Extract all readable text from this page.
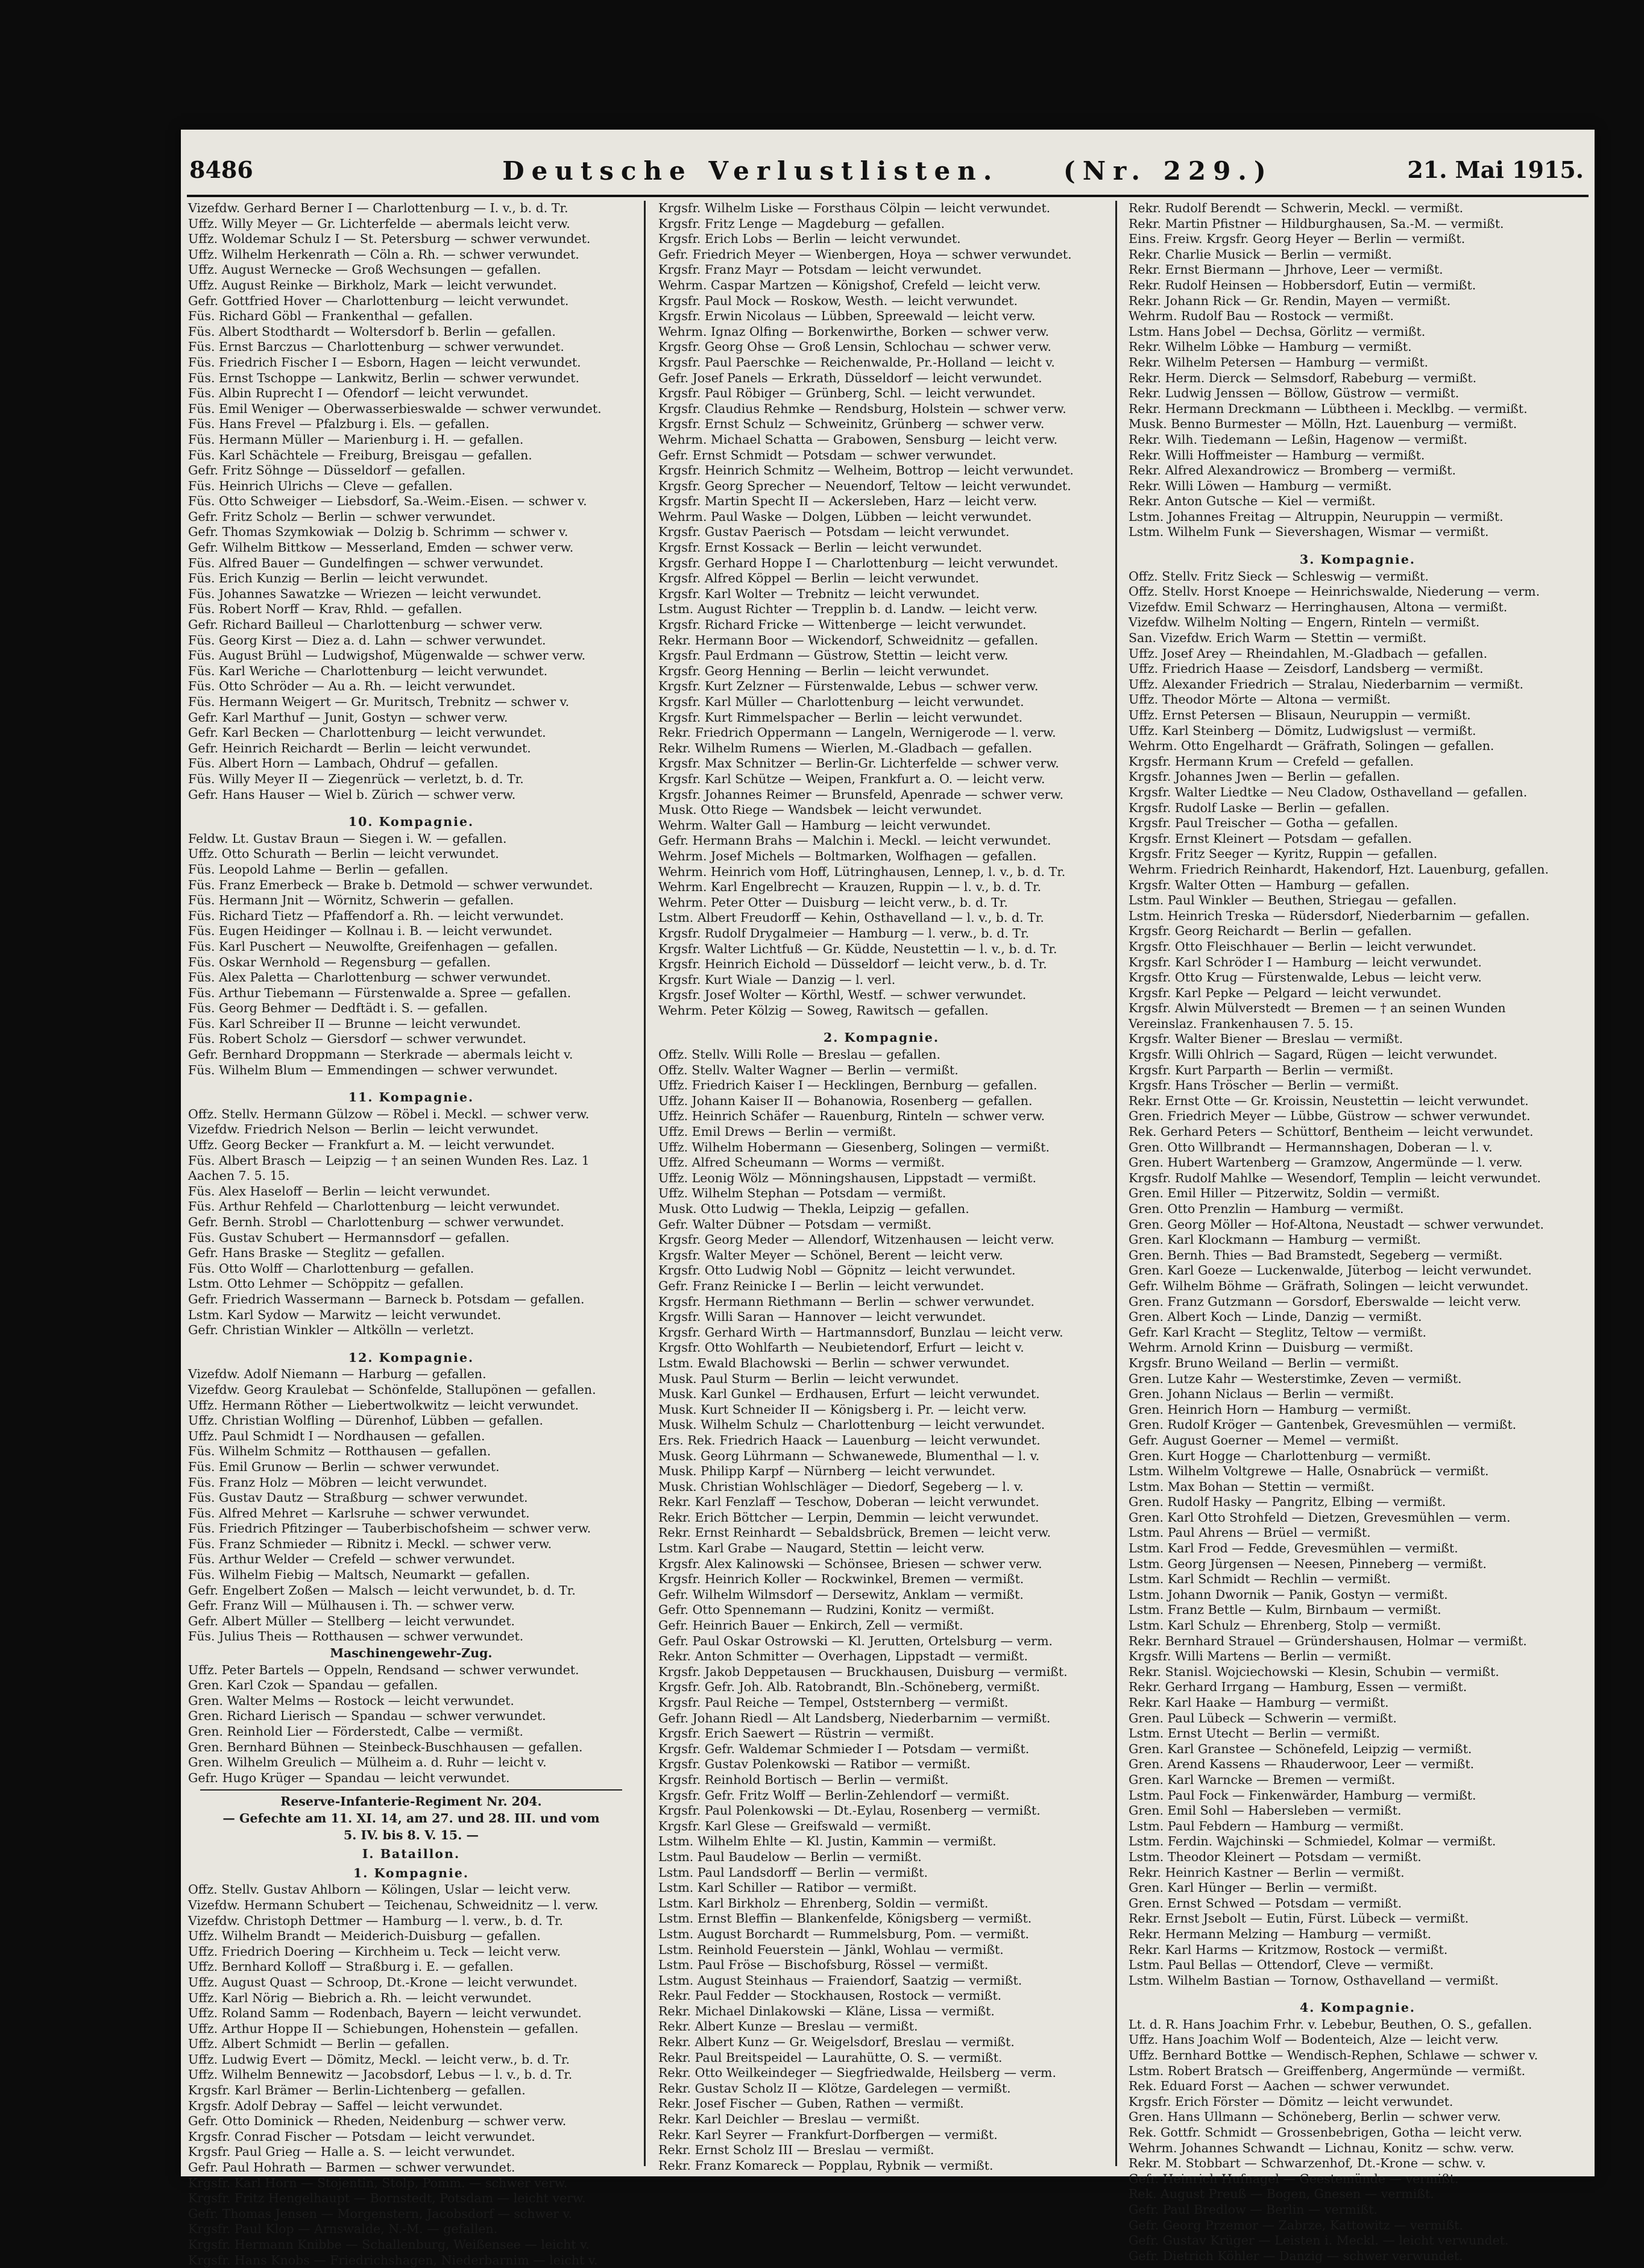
8486	Deutsche Verlustlisten.	(Nr. 229.)	21. Mai 1915.
Vizefdw. Gerhard Berner I — Charlottenburg — I. v., b. d. Tr.
Uffz. Willy Meyer — Gr. Lichterfelde — abermals leicht verw.
Uffz. Woldemar Schulz I — St. Petersburg — schwer verwundet.
Uffz. Wilhelm Herkenrath — Cöln a. Rh. — schwer verwundet.
Uffz. August Wernecke — Groß Wechsungen — gefallen.
Uffz. August Reinke — Birkholz, Mark — leicht verwundet.
Gefr. Gottfried Hover — Charlottenburg — leicht verwundet.
Füs. Richard Göbl — Frankenthal — gefallen.
Füs. Albert Stodthardt — Woltersdorf b. Berlin — gefallen.
Füs. Ernst Barczus — Charlottenburg — schwer verwundet.
Füs. Friedrich Fischer I — Esborn, Hagen — leicht verwundet.
Füs. Ernst Tschoppe — Lankwitz, Berlin — schwer verwundet.
Füs. Albin Ruprecht I — Ofendorf — leicht verwundet.
Füs. Emil Weniger — Oberwasserbieswalde — schwer verwundet.
Füs. Hans Frevel — Pfalzburg i. Els. — gefallen.
Füs. Hermann Müller — Marienburg i. H. — gefallen.
Füs. Karl Schächtele — Freiburg, Breisgau — gefallen.
Gefr. Fritz Söhnge — Düsseldorf — gefallen.
Füs. Heinrich Ulrichs — Cleve — gefallen.
Füs. Otto Schweiger — Liebsdorf, Sa.-Weim.-Eisen. — schwer v.
Gefr. Fritz Scholz — Berlin — schwer verwundet.
Gefr. Thomas Szymkowiak — Dolzig b. Schrimm — schwer v.
Gefr. Wilhelm Bittkow — Messerland, Emden — schwer verw.
Füs. Alfred Bauer — Gundelfingen — schwer verwundet.
Füs. Erich Kunzig — Berlin — leicht verwundet.
Füs. Johannes Sawatzke — Wriezen — leicht verwundet.
Füs. Robert Norff — Krav, Rhld. — gefallen.
Gefr. Richard Bailleul — Charlottenburg — schwer verw.
Füs. Georg Kirst — Diez a. d. Lahn — schwer verwundet.
Füs. August Brühl — Ludwigshof, Mügenwalde — schwer verw.
Füs. Karl Weriche — Charlottenburg — leicht verwundet.
Füs. Otto Schröder — Au a. Rh. — leicht verwundet.
Füs. Hermann Weigert — Gr. Muritsch, Trebnitz — schwer v.
Gefr. Karl Marthuf — Junit, Gostyn — schwer verw.
Gefr. Karl Becken — Charlottenburg — leicht verwundet.
Gefr. Heinrich Reichardt — Berlin — leicht verwundet.
Füs. Albert Horn — Lambach, Ohdruf — gefallen.
Füs. Willy Meyer II — Ziegenrück — verletzt, b. d. Tr.
Gefr. Hans Hauser — Wiel b. Zürich — schwer verw.
10. Kompagnie.
Feldw. Lt. Gustav Braun — Siegen i. W. — gefallen.
Uffz. Otto Schurath — Berlin — leicht verwundet.
Füs. Leopold Lahme — Berlin — gefallen.
Füs. Franz Emerbeck — Brake b. Detmold — schwer verwundet.
Füs. Hermann Jnit — Wörnitz, Schwerin — gefallen.
Füs. Richard Tietz — Pfaffendorf a. Rh. — leicht verwundet.
Füs. Eugen Heidinger — Kollnau i. B. — leicht verwundet.
Füs. Karl Puschert — Neuwolfte, Greifenhagen — gefallen.
Füs. Oskar Wernhold — Regensburg — gefallen.
Füs. Alex Paletta — Charlottenburg — schwer verwundet.
Füs. Arthur Tiebemann — Fürstenwalde a. Spree — gefallen.
Füs. Georg Behmer — Dedftädt i. S. — gefallen.
Füs. Karl Schreiber II — Brunne — leicht verwundet.
Füs. Robert Scholz — Giersdorf — schwer verwundet.
Gefr. Bernhard Droppmann — Sterkrade — abermals leicht v.
Füs. Wilhelm Blum — Emmendingen — schwer verwundet.
11. Kompagnie.
Offz. Stellv. Hermann Gülzow — Röbel i. Meckl. — schwer verw.
Vizefdw. Friedrich Nelson — Berlin — leicht verwundet.
Uffz. Georg Becker — Frankfurt a. M. — leicht verwundet.
Füs. Albert Brasch — Leipzig — † an seinen Wunden Res. Laz. 1
Aachen 7. 5. 15.
Füs. Alex Haseloff — Berlin — leicht verwundet.
Füs. Arthur Rehfeld — Charlottenburg — leicht verwundet.
Gefr. Bernh. Strobl — Charlottenburg — schwer verwundet.
Füs. Gustav Schubert — Hermannsdorf — gefallen.
Gefr. Hans Braske — Steglitz — gefallen.
Füs. Otto Wolff — Charlottenburg — gefallen.
Lstm. Otto Lehmer — Schöppitz — gefallen.
Gefr. Friedrich Wassermann — Barneck b. Potsdam — gefallen.
Lstm. Karl Sydow — Marwitz — leicht verwundet.
Gefr. Christian Winkler — Altkölln — verletzt.
12. Kompagnie.
Vizefdw. Adolf Niemann — Harburg — gefallen.
Vizefdw. Georg Kraulebat — Schönfelde, Stallupönen — gefallen.
Uffz. Hermann Röther — Liebertwolkwitz — leicht verwundet.
Uffz. Christian Wolfling — Dürenhof, Lübben — gefallen.
Uffz. Paul Schmidt I — Nordhausen — gefallen.
Füs. Wilhelm Schmitz — Rotthausen — gefallen.
Füs. Emil Grunow — Berlin — schwer verwundet.
Füs. Franz Holz — Möbren — leicht verwundet.
Füs. Gustav Dautz — Straßburg — schwer verwundet.
Füs. Alfred Mehret — Karlsruhe — schwer verwundet.
Füs. Friedrich Pfitzinger — Tauberbischofsheim — schwer verw.
Füs. Franz Schmieder — Ribnitz i. Meckl. — schwer verw.
Füs. Arthur Welder — Crefeld — schwer verwundet.
Füs. Wilhelm Fiebig — Maltsch, Neumarkt — gefallen.
Gefr. Engelbert Zoßen — Malsch — leicht verwundet, b. d. Tr.
Gefr. Franz Will — Mülhausen i. Th. — schwer verw.
Gefr. Albert Müller — Stellberg — leicht verwundet.
Füs. Julius Theis — Rotthausen — schwer verwundet.
Maschinengewehr-Zug.
Uffz. Peter Bartels — Oppeln, Rendsand — schwer verwundet.
Gren. Karl Czok — Spandau — gefallen.
Gren. Walter Melms — Rostock — leicht verwundet.
Gren. Richard Lierisch — Spandau — schwer verwundet.
Gren. Reinhold Lier — Förderstedt, Calbe — vermißt.
Gren. Bernhard Bühnen — Steinbeck-Buschhausen — gefallen.
Gren. Wilhelm Greulich — Mülheim a. d. Ruhr — leicht v.
Gefr. Hugo Krüger — Spandau — leicht verwundet.
Reserve-Infanterie-Regiment Nr. 204.
— Gefechte am 11. XI. 14, am 27. und 28. III. und vom
5. IV. bis 8. V. 15. —
I. Bataillon.
1. Kompagnie.
Offz. Stellv. Gustav Ahlborn — Kölingen, Uslar — leicht verw.
Vizefdw. Hermann Schubert — Teichenau, Schweidnitz — l. verw.
Vizefdw. Christoph Dettmer — Hamburg — l. verw., b. d. Tr.
Uffz. Wilhelm Brandt — Meiderich-Duisburg — gefallen.
Uffz. Friedrich Doering — Kirchheim u. Teck — leicht verw.
Uffz. Bernhard Kolloff — Straßburg i. E. — gefallen.
Uffz. August Quast — Schroop, Dt.-Krone — leicht verwundet.
Uffz. Karl Nörig — Biebrich a. Rh. — leicht verwundet.
Uffz. Roland Samm — Rodenbach, Bayern — leicht verwundet.
Uffz. Arthur Hoppe II — Schiebungen, Hohenstein — gefallen.
Uffz. Albert Schmidt — Berlin — gefallen.
Uffz. Ludwig Evert — Dömitz, Meckl. — leicht verw., b. d. Tr.
Uffz. Wilhelm Bennewitz — Jacobsdorf, Lebus — l. v., b. d. Tr.
Krgsfr. Karl Brämer — Berlin-Lichtenberg — gefallen.
Krgsfr. Adolf Debray — Saffel — leicht verwundet.
Gefr. Otto Dominick — Rheden, Neidenburg — schwer verw.
Krgsfr. Conrad Fischer — Potsdam — leicht verwundet.
Krgsfr. Paul Grieg — Halle a. S. — leicht verwundet.
Gefr. Paul Hohrath — Barmen — schwer verwundet.
Krgsfr. Karl Horn — Stojentin, Stolp, Pomm. — schwer verw.
Krgsfr. Fritz Hengelhaupt — Bornstedt, Potsdam — leicht verw.
Gefr. Thomas Jensen — Morgenstern, Jacobsdorf — schwer v.
Krgsfr. Paul Klop — Arnswalde, N.-M. — gefallen.
Krgsfr. Hermann Knibbe — Schallenburg, Weißensee — leicht v.
Krgsfr. Hans Knobs — Friedrichshagen, Niederbarnim — leicht v.
Krgsfr. Wilhelm Liske — Forsthaus Cölpin — leicht verwundet.
Krgsfr. Fritz Lenge — Magdeburg — gefallen.
Krgsfr. Erich Lobs — Berlin — leicht verwundet.
Gefr. Friedrich Meyer — Wienbergen, Hoya — schwer verwundet.
Krgsfr. Franz Mayr — Potsdam — leicht verwundet.
Wehrm. Caspar Martzen — Königshof, Crefeld — leicht verw.
Krgsfr. Paul Mock — Roskow, Westh. — leicht verwundet.
Krgsfr. Erwin Nicolaus — Lübben, Spreewald — leicht verw.
Wehrm. Ignaz Olfing — Borkenwirthe, Borken — schwer verw.
Krgsfr. Georg Ohse — Groß Lensin, Schlochau — schwer verw.
Krgsfr. Paul Paerschke — Reichenwalde, Pr.-Holland — leicht v.
Gefr. Josef Panels — Erkrath, Düsseldorf — leicht verwundet.
Krgsfr. Paul Röbiger — Grünberg, Schl. — leicht verwundet.
Krgsfr. Claudius Rehmke — Rendsburg, Holstein — schwer verw.
Krgsfr. Ernst Schulz — Schweinitz, Grünberg — schwer verw.
Wehrm. Michael Schatta — Grabowen, Sensburg — leicht verw.
Gefr. Ernst Schmidt — Potsdam — schwer verwundet.
Krgsfr. Heinrich Schmitz — Welheim, Bottrop — leicht verwundet.
Krgsfr. Georg Sprecher — Neuendorf, Teltow — leicht verwundet.
Krgsfr. Martin Specht II — Ackersleben, Harz — leicht verw.
Wehrm. Paul Waske — Dolgen, Lübben — leicht verwundet.
Krgsfr. Gustav Paerisch — Potsdam — leicht verwundet.
Krgsfr. Ernst Kossack — Berlin — leicht verwundet.
Krgsfr. Gerhard Hoppe I — Charlottenburg — leicht verwundet.
Krgsfr. Alfred Köppel — Berlin — leicht verwundet.
Krgsfr. Karl Wolter — Trebnitz — leicht verwundet.
Lstm. August Richter — Trepplin b. d. Landw. — leicht verw.
Krgsfr. Richard Fricke — Wittenberge — leicht verwundet.
Rekr. Hermann Boor — Wickendorf, Schweidnitz — gefallen.
Krgsfr. Paul Erdmann — Güstrow, Stettin — leicht verw.
Krgsfr. Georg Henning — Berlin — leicht verwundet.
Krgsfr. Kurt Zelzner — Fürstenwalde, Lebus — schwer verw.
Krgsfr. Karl Müller — Charlottenburg — leicht verwundet.
Krgsfr. Kurt Rimmelspacher — Berlin — leicht verwundet.
Rekr. Friedrich Oppermann — Langeln, Wernigerode — l. verw.
Rekr. Wilhelm Rumens — Wierlen, M.-Gladbach — gefallen.
Krgsfr. Max Schnitzer — Berlin-Gr. Lichterfelde — schwer verw.
Krgsfr. Karl Schütze — Weipen, Frankfurt a. O. — leicht verw.
Krgsfr. Johannes Reimer — Brunsfeld, Apenrade — schwer verw.
Musk. Otto Riege — Wandsbek — leicht verwundet.
Wehrm. Walter Gall — Hamburg — leicht verwundet.
Gefr. Hermann Brahs — Malchin i. Meckl. — leicht verwundet.
Wehrm. Josef Michels — Boltmarken, Wolfhagen — gefallen.
Wehrm. Heinrich vom Hoff, Lütringhausen, Lennep, l. v., b. d. Tr.
Wehrm. Karl Engelbrecht — Krauzen, Ruppin — l. v., b. d. Tr.
Wehrm. Peter Otter — Duisburg — leicht verw., b. d. Tr.
Lstm. Albert Freudorff — Kehin, Osthavelland — l. v., b. d. Tr.
Krgsfr. Rudolf Drygalmeier — Hamburg — l. verw., b. d. Tr.
Krgsfr. Walter Lichtfuß — Gr. Küdde, Neustettin — l. v., b. d. Tr.
Krgsfr. Heinrich Eichold — Düsseldorf — leicht verw., b. d. Tr.
Krgsfr. Kurt Wiale — Danzig — l. verl.
Krgsfr. Josef Wolter — Körthl, Westf. — schwer verwundet.
Wehrm. Peter Kölzig — Soweg, Rawitsch — gefallen.
2. Kompagnie.
Offz. Stellv. Willi Rolle — Breslau — gefallen.
Offz. Stellv. Walter Wagner — Berlin — vermißt.
Uffz. Friedrich Kaiser I — Hecklingen, Bernburg — gefallen.
Uffz. Johann Kaiser II — Bohanowia, Rosenberg — gefallen.
Uffz. Heinrich Schäfer — Rauenburg, Rinteln — schwer verw.
Uffz. Emil Drews — Berlin — vermißt.
Uffz. Wilhelm Hobermann — Giesenberg, Solingen — vermißt.
Uffz. Alfred Scheumann — Worms — vermißt.
Uffz. Leonig Wölz — Mönningshausen, Lippstadt — vermißt.
Uffz. Wilhelm Stephan — Potsdam — vermißt.
Musk. Otto Ludwig — Thekla, Leipzig — gefallen.
Gefr. Walter Dübner — Potsdam — vermißt.
Krgsfr. Georg Meder — Allendorf, Witzenhausen — leicht verw.
Krgsfr. Walter Meyer — Schönel, Berent — leicht verw.
Krgsfr. Otto Ludwig Nobl — Göpnitz — leicht verwundet.
Gefr. Franz Reinicke I — Berlin — leicht verwundet.
Krgsfr. Hermann Riethmann — Berlin — schwer verwundet.
Krgsfr. Willi Saran — Hannover — leicht verwundet.
Krgsfr. Gerhard Wirth — Hartmannsdorf, Bunzlau — leicht verw.
Krgsfr. Otto Wohlfarth — Neubietendorf, Erfurt — leicht v.
Lstm. Ewald Blachowski — Berlin — schwer verwundet.
Musk. Paul Sturm — Berlin — leicht verwundet.
Musk. Karl Gunkel — Erdhausen, Erfurt — leicht verwundet.
Musk. Kurt Schneider II — Königsberg i. Pr. — leicht verw.
Musk. Wilhelm Schulz — Charlottenburg — leicht verwundet.
Ers. Rek. Friedrich Haack — Lauenburg — leicht verwundet.
Musk. Georg Lührmann — Schwanewede, Blumenthal — l. v.
Musk. Philipp Karpf — Nürnberg — leicht verwundet.
Musk. Christian Wohlschläger — Diedorf, Segeberg — l. v.
Rekr. Karl Fenzlaff — Teschow, Doberan — leicht verwundet.
Rekr. Erich Böttcher — Lerpin, Demmin — leicht verwundet.
Rekr. Ernst Reinhardt — Sebaldsbrück, Bremen — leicht verw.
Lstm. Karl Grabe — Naugard, Stettin — leicht verw.
Krgsfr. Alex Kalinowski — Schönsee, Briesen — schwer verw.
Krgsfr. Heinrich Koller — Rockwinkel, Bremen — vermißt.
Gefr. Wilhelm Wilmsdorf — Dersewitz, Anklam — vermißt.
Gefr. Otto Spennemann — Rudzini, Konitz — vermißt.
Gefr. Heinrich Bauer — Enkirch, Zell — vermißt.
Gefr. Paul Oskar Ostrowski — Kl. Jerutten, Ortelsburg — verm.
Rekr. Anton Schmitter — Overhagen, Lippstadt — vermißt.
Krgsfr. Jakob Deppetausen — Bruckhausen, Duisburg — vermißt.
Krgsfr. Gefr. Joh. Alb. Ratobrandt, Bln.-Schöneberg, vermißt.
Krgsfr. Paul Reiche — Tempel, Oststernberg — vermißt.
Gefr. Johann Riedl — Alt Landsberg, Niederbarnim — vermißt.
Krgsfr. Erich Saewert — Rüstrin — vermißt.
Krgsfr. Gefr. Waldemar Schmieder I — Potsdam — vermißt.
Krgsfr. Gustav Polenkowski — Ratibor — vermißt.
Krgsfr. Reinhold Bortisch — Berlin — vermißt.
Krgsfr. Gefr. Fritz Wolff — Berlin-Zehlendorf — vermißt.
Krgsfr. Paul Polenkowski — Dt.-Eylau, Rosenberg — vermißt.
Krgsfr. Karl Glese — Greifswald — vermißt.
Lstm. Wilhelm Ehlte — Kl. Justin, Kammin — vermißt.
Lstm. Paul Baudelow — Berlin — vermißt.
Lstm. Paul Landsdorff — Berlin — vermißt.
Lstm. Karl Schiller — Ratibor — vermißt.
Lstm. Karl Birkholz — Ehrenberg, Soldin — vermißt.
Lstm. Ernst Bleffin — Blankenfelde, Königsberg — vermißt.
Lstm. August Borchardt — Rummelsburg, Pom. — vermißt.
Lstm. Reinhold Feuerstein — Jänkl, Wohlau — vermißt.
Lstm. Paul Fröse — Bischofsburg, Rössel — vermißt.
Lstm. August Steinhaus — Fraiendorf, Saatzig — vermißt.
Rekr. Paul Fedder — Stockhausen, Rostock — vermißt.
Rekr. Michael Dinlakowski — Kläne, Lissa — vermißt.
Rekr. Albert Kunze — Breslau — vermißt.
Rekr. Albert Kunz — Gr. Weigelsdorf, Breslau — vermißt.
Rekr. Paul Breitspeidel — Laurahütte, O. S. — vermißt.
Rekr. Otto Weilkeindeger — Siegfriedwalde, Heilsberg — verm.
Rekr. Gustav Scholz II — Klötze, Gardelegen — vermißt.
Rekr. Josef Fischer — Guben, Rathen — vermißt.
Rekr. Karl Deichler — Breslau — vermißt.
Rekr. Karl Seyrer — Frankfurt-Dorfbergen — vermißt.
Rekr. Ernst Scholz III — Breslau — vermißt.
Rekr. Franz Komareck — Popplau, Rybnik — vermißt.
Rekr. Rudolf Berendt — Schwerin, Meckl. — vermißt.
Rekr. Martin Pfistner — Hildburghausen, Sa.-M. — vermißt.
Eins. Freiw. Krgsfr. Georg Heyer — Berlin — vermißt.
Rekr. Charlie Musick — Berlin — vermißt.
Rekr. Ernst Biermann — Jhrhove, Leer — vermißt.
Rekr. Rudolf Heinsen — Hobbersdorf, Eutin — vermißt.
Rekr. Johann Rick — Gr. Rendin, Mayen — vermißt.
Wehrm. Rudolf Bau — Rostock — vermißt.
Lstm. Hans Jobel — Dechsa, Görlitz — vermißt.
Rekr. Wilhelm Löbke — Hamburg — vermißt.
Rekr. Wilhelm Petersen — Hamburg — vermißt.
Rekr. Herm. Dierck — Selmsdorf, Rabeburg — vermißt.
Rekr. Ludwig Jenssen — Böllow, Güstrow — vermißt.
Rekr. Hermann Dreckmann — Lübtheen i. Mecklbg. — vermißt.
Musk. Benno Burmester — Mölln, Hzt. Lauenburg — vermißt.
Rekr. Wilh. Tiedemann — Leßin, Hagenow — vermißt.
Rekr. Willi Hoffmeister — Hamburg — vermißt.
Rekr. Alfred Alexandrowicz — Bromberg — vermißt.
Rekr. Willi Löwen — Hamburg — vermißt.
Rekr. Anton Gutsche — Kiel — vermißt.
Lstm. Johannes Freitag — Altruppin, Neuruppin — vermißt.
Lstm. Wilhelm Funk — Sievershagen, Wismar — vermißt.
3. Kompagnie.
Offz. Stellv. Fritz Sieck — Schleswig — vermißt.
Offz. Stellv. Horst Knoepe — Heinrichswalde, Niederung — verm.
Vizefdw. Emil Schwarz — Herringhausen, Altona — vermißt.
Vizefdw. Wilhelm Nolting — Engern, Rinteln — vermißt.
San. Vizefdw. Erich Warm — Stettin — vermißt.
Uffz. Josef Arey — Rheindahlen, M.-Gladbach — gefallen.
Uffz. Friedrich Haase — Zeisdorf, Landsberg — vermißt.
Uffz. Alexander Friedrich — Stralau, Niederbarnim — vermißt.
Uffz. Theodor Mörte — Altona — vermißt.
Uffz. Ernst Petersen — Blisaun, Neuruppin — vermißt.
Uffz. Karl Steinberg — Dömitz, Ludwigslust — vermißt.
Wehrm. Otto Engelhardt — Gräfrath, Solingen — gefallen.
Krgsfr. Hermann Krum — Crefeld — gefallen.
Krgsfr. Johannes Jwen — Berlin — gefallen.
Krgsfr. Walter Liedtke — Neu Cladow, Osthavelland — gefallen.
Krgsfr. Rudolf Laske — Berlin — gefallen.
Krgsfr. Paul Treischer — Gotha — gefallen.
Krgsfr. Ernst Kleinert — Potsdam — gefallen.
Krgsfr. Fritz Seeger — Kyritz, Ruppin — gefallen.
Wehrm. Friedrich Reinhardt, Hakendorf, Hzt. Lauenburg, gefallen.
Krgsfr. Walter Otten — Hamburg — gefallen.
Lstm. Paul Winkler — Beuthen, Striegau — gefallen.
Lstm. Heinrich Treska — Rüdersdorf, Niederbarnim — gefallen.
Krgsfr. Georg Reichardt — Berlin — gefallen.
Krgsfr. Otto Fleischhauer — Berlin — leicht verwundet.
Krgsfr. Karl Schröder I — Hamburg — leicht verwundet.
Krgsfr. Otto Krug — Fürstenwalde, Lebus — leicht verw.
Krgsfr. Karl Pepke — Pelgard — leicht verwundet.
Krgsfr. Alwin Mülverstedt — Bremen — † an seinen Wunden
Vereinslaz. Frankenhausen 7. 5. 15.
Krgsfr. Walter Biener — Breslau — vermißt.
Krgsfr. Willi Ohlrich — Sagard, Rügen — leicht verwundet.
Krgsfr. Kurt Parparth — Berlin — vermißt.
Krgsfr. Hans Tröscher — Berlin — vermißt.
Rekr. Ernst Otte — Gr. Kroissin, Neustettin — leicht verwundet.
Gren. Friedrich Meyer — Lübbe, Güstrow — schwer verwundet.
Rek. Gerhard Peters — Schüttorf, Bentheim — leicht verwundet.
Gren. Otto Willbrandt — Hermannshagen, Doberan — l. v.
Gren. Hubert Wartenberg — Gramzow, Angermünde — l. verw.
Krgsfr. Rudolf Mahlke — Wesendorf, Templin — leicht verwundet.
Gren. Emil Hiller — Pitzerwitz, Soldin — vermißt.
Gren. Otto Prenzlin — Hamburg — vermißt.
Gren. Georg Möller — Hof-Altona, Neustadt — schwer verwundet.
Gren. Karl Klockmann — Hamburg — vermißt.
Gren. Bernh. Thies — Bad Bramstedt, Segeberg — vermißt.
Gren. Karl Goeze — Luckenwalde, Jüterbog — leicht verwundet.
Gefr. Wilhelm Böhme — Gräfrath, Solingen — leicht verwundet.
Gren. Franz Gutzmann — Gorsdorf, Eberswalde — leicht verw.
Gren. Albert Koch — Linde, Danzig — vermißt.
Gefr. Karl Kracht — Steglitz, Teltow — vermißt.
Wehrm. Arnold Krinn — Duisburg — vermißt.
Krgsfr. Bruno Weiland — Berlin — vermißt.
Gren. Lutze Kahr — Westerstimke, Zeven — vermißt.
Gren. Johann Niclaus — Berlin — vermißt.
Gren. Heinrich Horn — Hamburg — vermißt.
Gren. Rudolf Kröger — Gantenbek, Grevesmühlen — vermißt.
Gefr. August Goerner — Memel — vermißt.
Gren. Kurt Hogge — Charlottenburg — vermißt.
Lstm. Wilhelm Voltgrewe — Halle, Osnabrück — vermißt.
Lstm. Max Bohan — Stettin — vermißt.
Gren. Rudolf Hasky — Pangritz, Elbing — vermißt.
Gren. Karl Otto Strohfeld — Dietzen, Grevesmühlen — verm.
Lstm. Paul Ahrens — Brüel — vermißt.
Lstm. Karl Frod — Fedde, Grevesmühlen — vermißt.
Lstm. Georg Jürgensen — Neesen, Pinneberg — vermißt.
Lstm. Karl Schmidt — Rechlin — vermißt.
Lstm. Johann Dwornik — Panik, Gostyn — vermißt.
Lstm. Franz Bettle — Kulm, Birnbaum — vermißt.
Lstm. Karl Schulz — Ehrenberg, Stolp — vermißt.
Rekr. Bernhard Strauel — Gründershausen, Holmar — vermißt.
Krgsfr. Willi Martens — Berlin — vermißt.
Rekr. Stanisl. Wojciechowski — Klesin, Schubin — vermißt.
Rekr. Gerhard Irrgang — Hamburg, Essen — vermißt.
Rekr. Karl Haake — Hamburg — vermißt.
Gren. Paul Lübeck — Schwerin — vermißt.
Lstm. Ernst Utecht — Berlin — vermißt.
Gren. Karl Granstee — Schönefeld, Leipzig — vermißt.
Gren. Arend Kassens — Rhauderwoor, Leer — vermißt.
Gren. Karl Warncke — Bremen — vermißt.
Lstm. Paul Fock — Finkenwärder, Hamburg — vermißt.
Gren. Emil Sohl — Habersleben — vermißt.
Lstm. Paul Febdern — Hamburg — vermißt.
Lstm. Ferdin. Wajchinski — Schmiedel, Kolmar — vermißt.
Lstm. Theodor Kleinert — Potsdam — vermißt.
Rekr. Heinrich Kastner — Berlin — vermißt.
Gren. Karl Hünger — Berlin — vermißt.
Gren. Ernst Schwed — Potsdam — vermißt.
Rekr. Ernst Jsebolt — Eutin, Fürst. Lübeck — vermißt.
Rekr. Hermann Melzing — Hamburg — vermißt.
Rekr. Karl Harms — Kritzmow, Rostock — vermißt.
Lstm. Paul Bellas — Ottendorf, Cleve — vermißt.
Lstm. Wilhelm Bastian — Tornow, Osthavelland — vermißt.
4. Kompagnie.
Lt. d. R. Hans Joachim Frhr. v. Lebebur, Beuthen, O. S., gefallen.
Uffz. Hans Joachim Wolf — Bodenteich, Alze — leicht verw.
Uffz. Bernhard Bottke — Wendisch-Rephen, Schlawe — schwer v.
Lstm. Robert Bratsch — Greiffenberg, Angermünde — vermißt.
Rek. Eduard Forst — Aachen — schwer verwundet.
Krgsfr. Erich Förster — Dömitz — leicht verwundet.
Gren. Hans Ullmann — Schöneberg, Berlin — schwer verw.
Rek. Gottfr. Schmidt — Grossenbebrigen, Gotha — leicht verw.
Wehrm. Johannes Schwandt — Lichnau, Konitz — schw. verw.
Rekr. M. Stobbart — Schwarzenhof, Dt.-Krone — schw. v.
Gefr. Heinrich Hufnagel — Geestemünde — vermißt.
Rek. August Preuß — Bogen, Gnesen — vermißt.
Gefr. Paul Bredlow — Berlin — vermißt.
Gefr. Georg Przemor — Zabrze, Kattowitz — vermißt.
Gefr. Gustav Krüger — Leisten i. Meckl. — leicht verwundet.
Gefr. Dietrich Köhler — Danzig — schwer verwundet.
